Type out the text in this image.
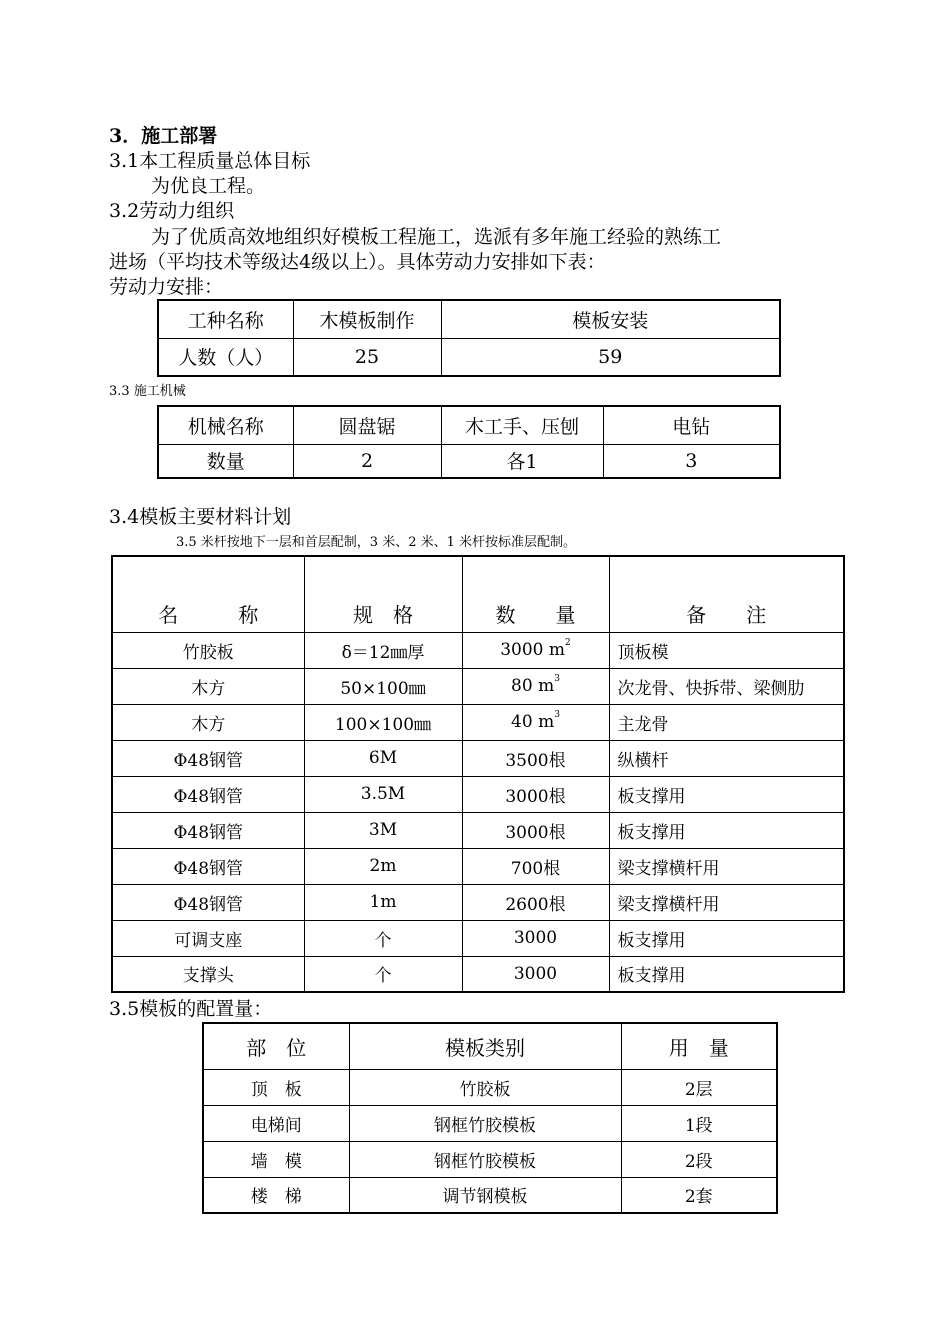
3．施工部署
3.1本工程质量总体目标
为优良工程。
3.2劳动力组织
为了优质高效地组织好模板工程施工，选派有多年施工经验的熟练工
进场（平均技术等级达4级以上）。具体劳动力安排如下表：
劳动力安排：
工种名称	木模板制作	模板安装
人数（人）	25	59
3.3 施工机械
机械名称	圆盘锯	木工手、压刨	电钻
数量	2	各1	3
3.4模板主要材料计划
3.5 米杆按地下一层和首层配制，3 米、2 米、1 米杆按标准层配制。
名　　　称	规　格	数　　量	备　　注
竹胶板	δ＝12㎜厚	3000 $m^2$	顶板模
木方	50×100㎜	80 $m^3$	次龙骨、快拆带、梁侧肋
木方	100×100㎜	40 $m^3$	主龙骨
Φ48钢管	6M	3500根	纵横杆
Φ48钢管	3.5M	3000根	板支撑用
Φ48钢管	3M	3000根	板支撑用
Φ48钢管	2m	700根	梁支撑横杆用
Φ48钢管	1m	2600根	梁支撑横杆用
可调支座	个	3000	板支撑用
支撑头	个	3000	板支撑用
3.5模板的配置量：
部　位	模板类别	用　量
顶　板	竹胶板	2层
电梯间	钢框竹胶模板	1段
墙　模	钢框竹胶模板	2段
楼　梯	调节钢模板	2套
